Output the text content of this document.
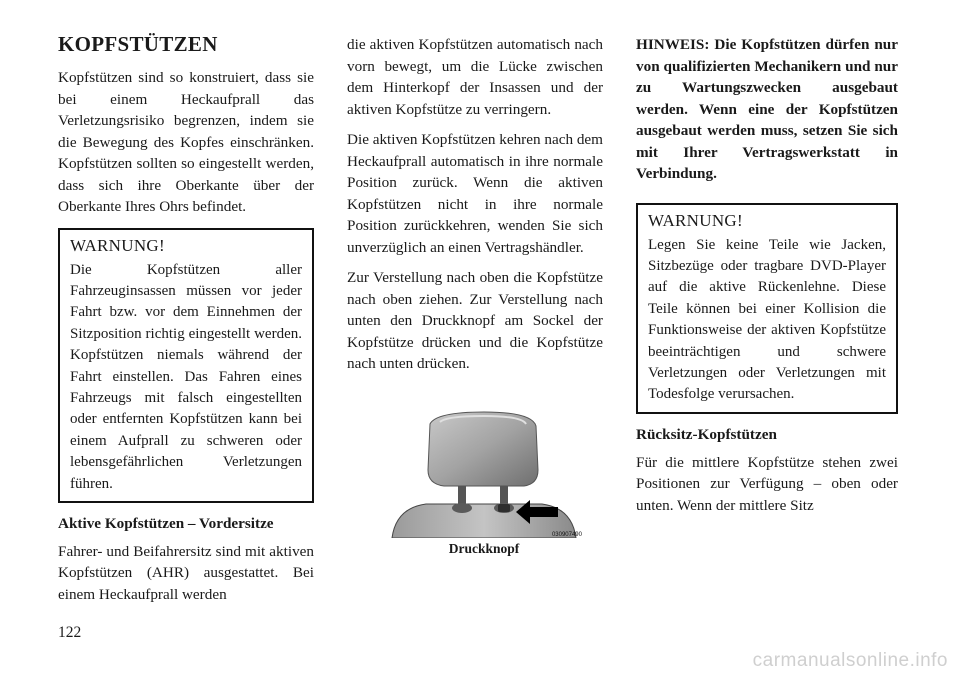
KOPFSTÜTZEN

Kopfstützen sind so konstruiert, dass sie bei einem Heckaufprall das Verletzungsrisiko begrenzen, indem sie die Bewegung des Kopfes einschränken. Kopfstützen sollten so eingestellt werden, dass sich ihre Oberkante über der Oberkante Ihres Ohrs befindet.

WARNUNG!

Die Kopfstützen aller Fahrzeuginsassen müssen vor jeder Fahrt bzw. vor dem Einnehmen der Sitzposition richtig eingestellt werden. Kopfstützen niemals während der Fahrt einstellen. Das Fahren eines Fahrzeugs mit falsch eingestellten oder entfernten Kopfstützen kann bei einem Aufprall zu schweren oder lebensgefährlichen Verletzungen führen.

Aktive Kopfstützen – Vordersitze

Fahrer- und Beifahrersitz sind mit aktiven Kopfstützen (AHR) ausgestattet. Bei einem Heckaufprall werden

die aktiven Kopfstützen automatisch nach vorn bewegt, um die Lücke zwischen dem Hinterkopf der Insassen und der aktiven Kopfstütze zu verringern.

Die aktiven Kopfstützen kehren nach dem Heckaufprall automatisch in ihre normale Position zurück. Wenn die aktiven Kopfstützen nicht in ihre normale Position zurückkehren, wenden Sie sich unverzüglich an einen Vertragshändler.

Zur Verstellung nach oben die Kopfstütze nach oben ziehen. Zur Verstellung nach unten den Druckknopf am Sockel der Kopfstütze drücken und die Kopfstütze nach unten drücken.

030907490
Druckknopf

HINWEIS: Die Kopfstützen dürfen nur von qualifizierten Mechanikern und nur zu Wartungszwecken ausgebaut werden. Wenn eine der Kopfstützen ausgebaut werden muss, setzen Sie sich mit Ihrer Vertragswerkstatt in Verbindung.

WARNUNG!

Legen Sie keine Teile wie Jacken, Sitzbezüge oder tragbare DVD-Player auf die aktive Rückenlehne. Diese Teile können bei einer Kollision die Funktionsweise der aktiven Kopfstütze beeinträchtigen und schwere Verletzungen oder Verletzungen mit Todesfolge verursachen.

Rücksitz-Kopfstützen

Für die mittlere Kopfstütze stehen zwei Positionen zur Verfügung – oben oder unten. Wenn der mittlere Sitz

122
carmanualsonline.info
